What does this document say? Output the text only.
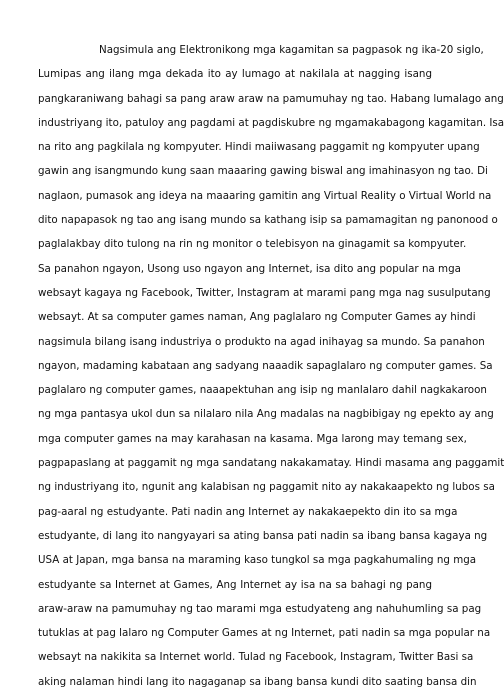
Nagsimula ang Elektronikong mga kagamitan sa pagpasok ng ika-20 siglo,
Lumipas ang ilang mga dekada ito ay lumago at nakilala at nagging isang
pangkaraniwang bahagi sa pang araw araw na pamumuhay ng tao. Habang lumalago ang
industriyang ito, patuloy ang pagdami at pagdiskubre ng mgamakabagong kagamitan. Isa
na rito ang pagkilala ng kompyuter. Hindi maiiwasang paggamit ng kompyuter upang
gawin ang isangmundo kung saan maaaring gawing biswal ang imahinasyon ng tao. Di
naglaon, pumasok ang ideya na maaaring gamitin ang Virtual Reality o Virtual World na
dito napapasok ng tao ang isang mundo sa kathang isip sa pamamagitan ng panonood o
paglalakbay dito tulong na rin ng monitor o telebisyon na ginagamit sa kompyuter.
Sa panahon ngayon, Usong uso ngayon ang Internet, isa dito ang popular na mga
websayt kagaya ng Facebook, Twitter, Instagram at marami pang mga nag susulputang
websayt. At sa computer games naman, Ang paglalaro ng Computer Games ay hindi
nagsimula bilang isang industriya o produkto na agad inihayag sa mundo. Sa panahon
ngayon, madaming kabataan ang sadyang naaadik sapaglalaro ng computer games. Sa
paglalaro ng computer games, naaapektuhan ang isip ng manlalaro dahil nagkakaroon
ng mga pantasya ukol dun sa nilalaro nila Ang madalas na nagbibigay ng epekto ay ang
mga computer games na may karahasan na kasama. Mga larong may temang sex,
pagpapaslang at paggamit ng mga sandatang nakakamatay. Hindi masama ang paggamit
ng industriyang ito, ngunit ang kalabisan ng paggamit nito ay nakakaapekto ng lubos sa
pag-aaral ng estudyante. Pati nadin ang Internet ay nakakaepekto din ito sa mga
estudyante, di lang ito nangyayari sa ating bansa pati nadin sa ibang bansa kagaya ng
USA at Japan, mga bansa na maraming kaso tungkol sa mga pagkahumaling ng mga
estudyante sa Internet at Games, Ang Internet ay isa na sa bahagi ng pang
araw-araw na pamumuhay ng tao marami mga estudyateng ang nahuhumling sa pag
tutuklas at pag lalaro ng Computer Games at ng Internet, pati nadin sa mga popular na
websayt na nakikita sa Internet world. Tulad ng Facebook, Instagram, Twitter Basi sa
aking nalaman hindi lang ito nagaganap sa ibang bansa kundi dito saating bansa din
